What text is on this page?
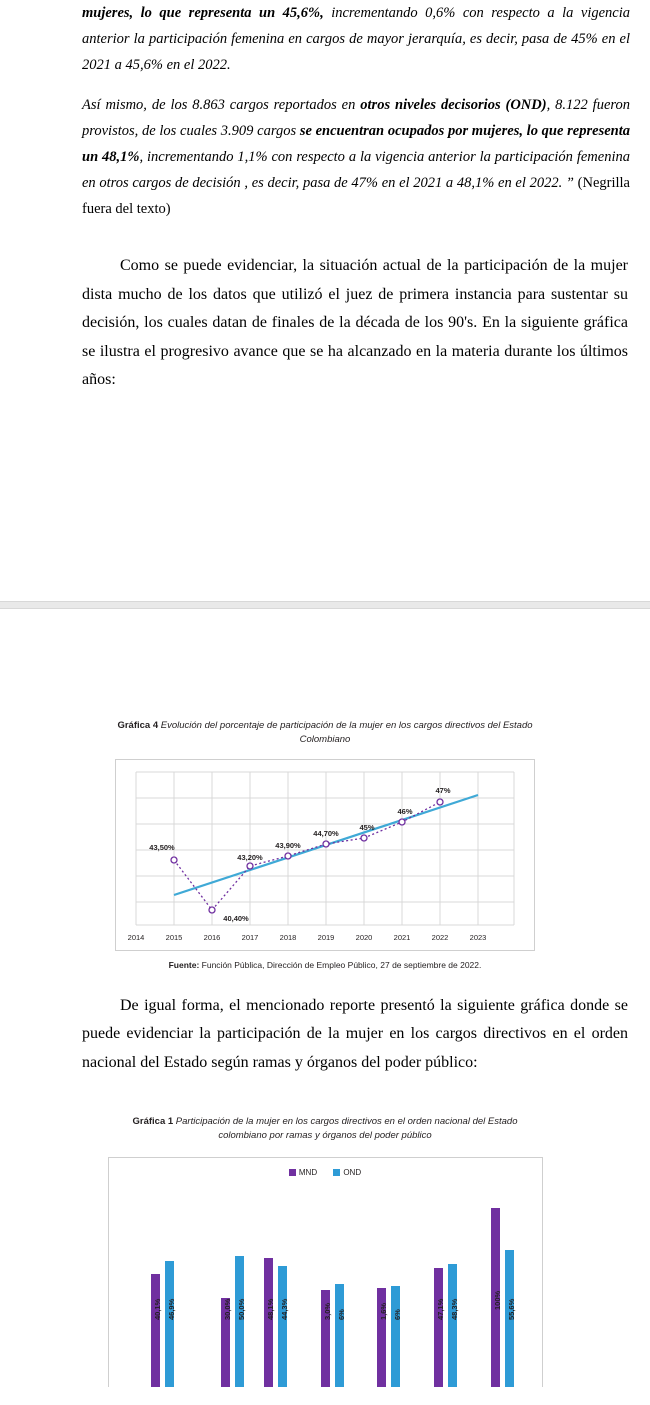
mujeres, lo que representa un 45,6%, incrementando 0,6% con respecto a la vigencia anterior la participación femenina en cargos de mayor jerarquía, es decir, pasa de 45% en el 2021 a 45,6% en el 2022.

Así mismo, de los 8.863 cargos reportados en otros niveles decisorios (OND), 8.122 fueron provistos, de los cuales 3.909 cargos se encuentran ocupados por mujeres, lo que representa un 48,1%, incrementando 1,1% con respecto a la vigencia anterior la participación femenina en otros cargos de decisión , es decir, pasa de 47% en el 2021 a 48,1% en el 2022. ” (Negrilla fuera del texto)

Como se puede evidenciar, la situación actual de la participación de la mujer dista mucho de los datos que utilizó el juez de primera instancia para sustentar su decisión, los cuales datan de finales de la década de los 90's. En la siguiente gráfica se ilustra el progresivo avance que se ha alcanzado en la materia durante los últimos años:

Gráfica 4 Evolución del porcentaje de participación de la mujer en los cargos directivos del Estado Colombiano
43,50%
40,40%
43,20%
43,90%
44,70%
45%
46%
47%
2014	2015	2016	2017	2018	2019	2020	2021	2022	2023
Fuente: Función Pública, Dirección de Empleo Público, 27 de septiembre de 2022.

De igual forma, el mencionado reporte presentó la siguiente gráfica donde se puede evidenciar la participación de la mujer en los cargos directivos en el orden nacional del Estado según ramas y órganos del poder público:

Gráfica 1 Participación de la mujer en los cargos directivos en el orden nacional del Estado colombiano por ramas y órganos del poder público
MND	OND
40,1% 46,9%	30,0% 50,0%	48,1% 44,3%	3,0% 6%	1,6% 6%	47,1% 48,3%	100% 55,6%
